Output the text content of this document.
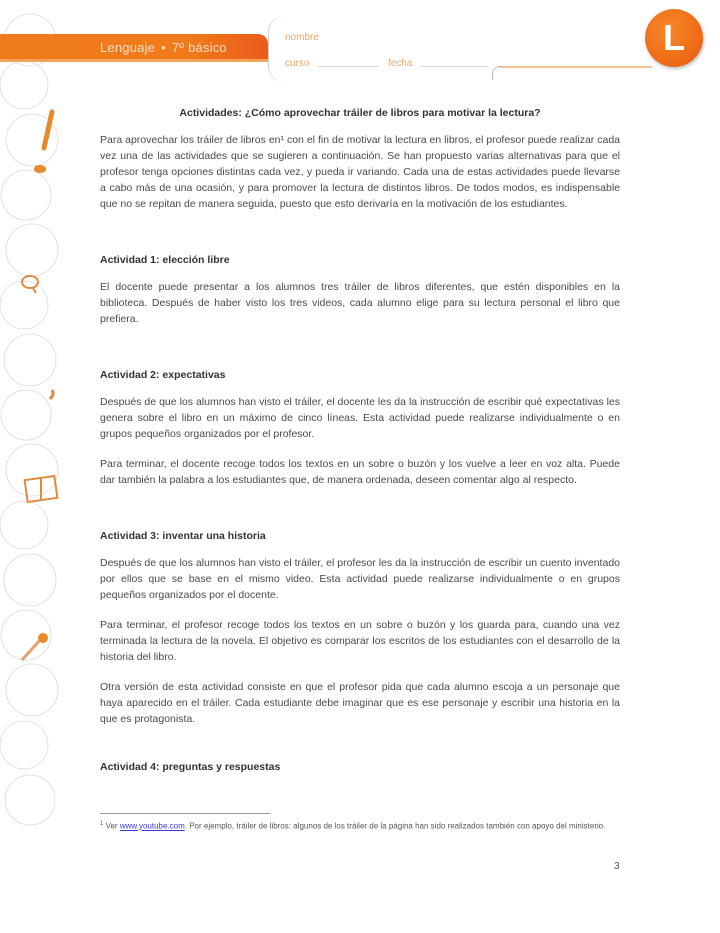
Lenguaje • 7º básico
nombre
curso	fecha
L
Actividades: ¿Cómo aprovechar tráiler de libros para motivar la lectura?

Para aprovechar los tráiler de libros en¹ con el fin de motivar la lectura en libros, el profesor puede realizar cada vez una de las actividades que se sugieren a continuación. Se han propuesto varias alternativas para que el profesor tenga opciones distintas cada vez, y pueda ir variando. Cada una de estas actividades puede llevarse a cabo más de una ocasión, y para promover la lectura de distintos libros. De todos modos, es indispensable que no se repitan de manera seguida, puesto que esto derivaría en la motivación de los estudiantes.

Actividad 1: elección libre

El docente puede presentar a los alumnos tres tráiler de libros diferentes, que estén disponibles en la biblioteca. Después de haber visto los tres videos, cada alumno elige para su lectura personal el libro que prefiera.

Actividad 2: expectativas

Después de que los alumnos han visto el tráiler, el docente les da la instrucción de escribir qué expectativas les genera sobre el libro en un máximo de cinco líneas. Esta actividad puede realizarse individualmente o en grupos pequeños organizados por el profesor.

Para terminar, el docente recoge todos los textos en un sobre o buzón y los vuelve a leer en voz alta. Puede dar también la palabra a los estudiantes que, de manera ordenada, deseen comentar algo al respecto.

Actividad 3: inventar una historia

Después de que los alumnos han visto el tráiler, el profesor les da la instrucción de escribir un cuento inventado por ellos que se base en el mismo video. Esta actividad puede realizarse individualmente o en grupos pequeños organizados por el docente.

Para terminar, el profesor recoge todos los textos en un sobre o buzón y los guarda para, cuando una vez terminada la lectura de la novela. El objetivo es comparar los escritos de los estudiantes con el desarrollo de la historia del libro.

Otra versión de esta actividad consiste en que el profesor pida que cada alumno escoja a un personaje que haya aparecido en el tráiler. Cada estudiante debe imaginar que es ese personaje y escribir una historia en la que es protagonista.

Actividad 4: preguntas y respuestas
$^1$ Ver www.youtube.com. Por ejemplo, tráiler de libros: algunos de los tráiler de la página han sido realizados también con apoyo del ministerio.
3
